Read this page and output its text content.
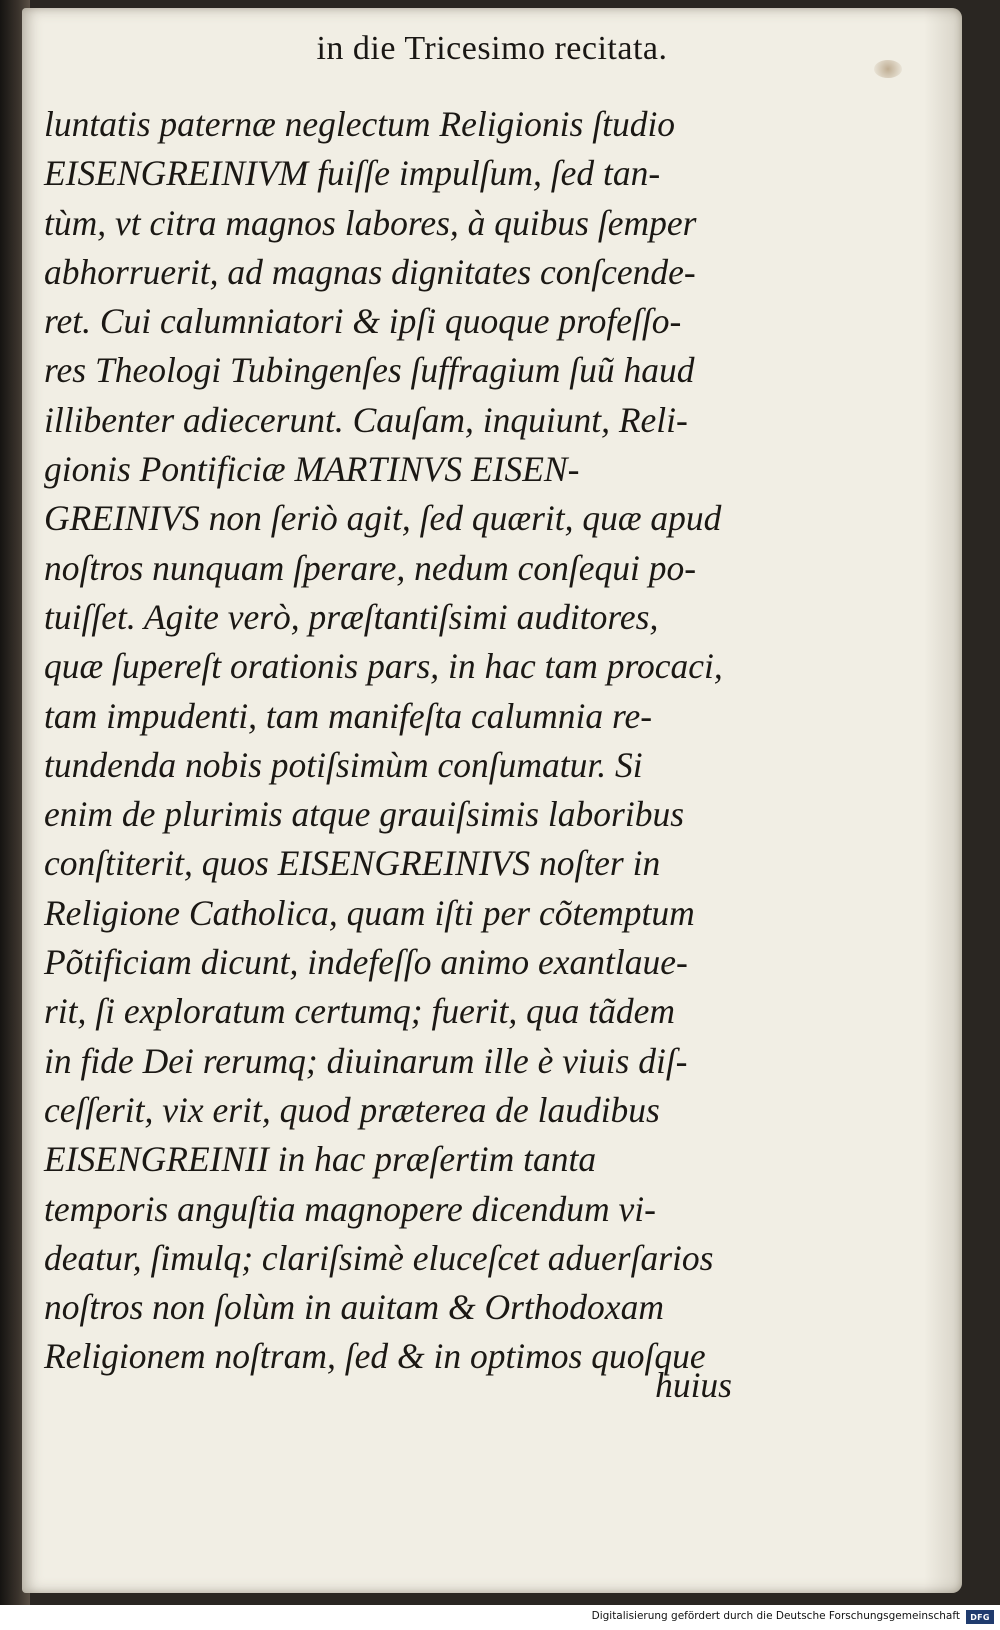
in die Tricesimo recitata.
luntatis paternæ neglectum Religionis ſtudio
EISENGREINIVM fuiſſe impulſum, ſed tan-
tùm, vt citra magnos labores, à quibus ſemper
abhorruerit, ad magnas dignitates conſcende-
ret. Cui calumniatori & ipſi quoque profeſſo-
res Theologi Tubingenſes ſuffragium ſuũ haud
illibenter adiecerunt. Cauſam, inquiunt, Reli-
gionis Pontificiæ MARTINVS EISEN-
GREINIVS non ſeriò agit, ſed quærit, quæ apud
noſtros nunquam ſperare, nedum conſequi po-
tuiſſet. Agite verò, præſtantiſsimi auditores,
quæ ſupereſt orationis pars, in hac tam procaci,
tam impudenti, tam manifeſta calumnia re-
tundenda nobis potiſsimùm conſumatur. Si
enim de plurimis atque grauiſsimis laboribus
conſtiterit, quos EISENGREINIVS noſter in
Religione Catholica, quam iſti per cõtemptum
Põtificiam dicunt, indefeſſo animo exantlaue-
rit, ſi exploratum certumq; fuerit, qua tãdem
in fide Dei rerumq; diuinarum ille è viuis diſ-
ceſſerit, vix erit, quod præterea de laudibus
EISENGREINII in hac præſertim tanta
temporis anguſtia magnopere dicendum vi-
deatur, ſimulq; clariſsimè eluceſcet aduerſarios
noſtros non ſolùm in auitam & Orthodoxam
Religionem noſtram, ſed & in optimos quoſque
huius
Digitalisierung gefördert durch die Deutsche Forschungsgemeinschaft	DFG
